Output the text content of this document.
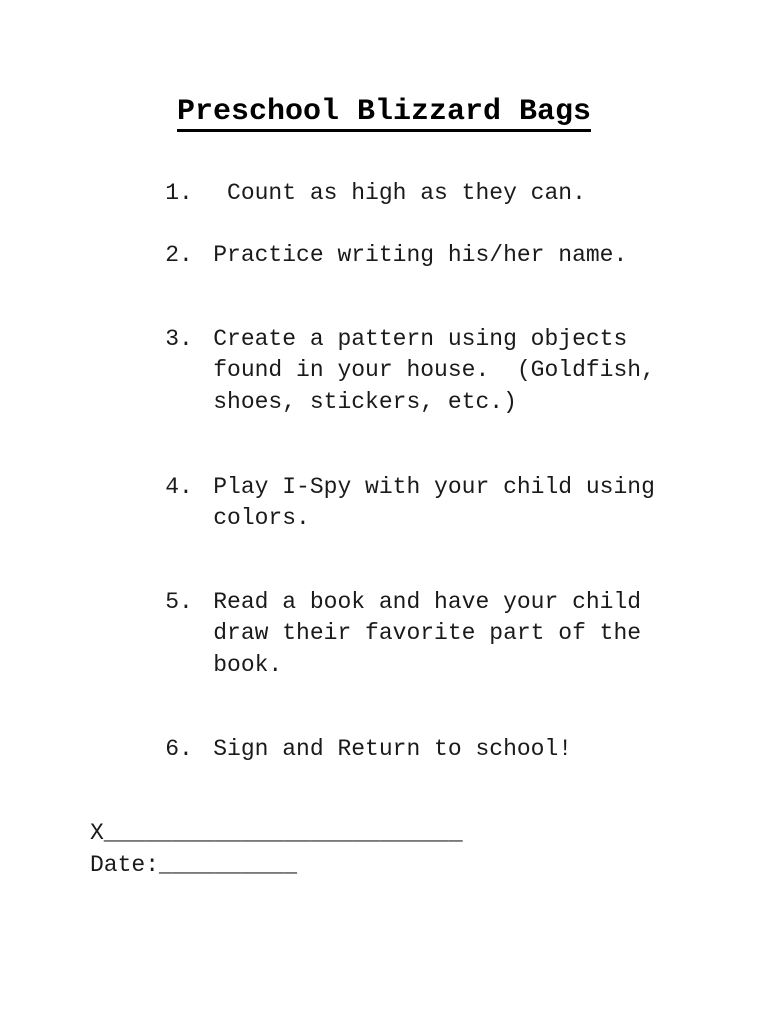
Preschool Blizzard Bags

1. Count as high as they can.

2. Practice writing his/her name.

3. Create a pattern using objects
found in your house.  (Goldfish,
shoes, stickers, etc.)

4. Play I-Spy with your child using
colors.

5. Read a book and have your child
draw their favorite part of the
book.

6. Sign and Return to school!

X__________________________
Date:__________
